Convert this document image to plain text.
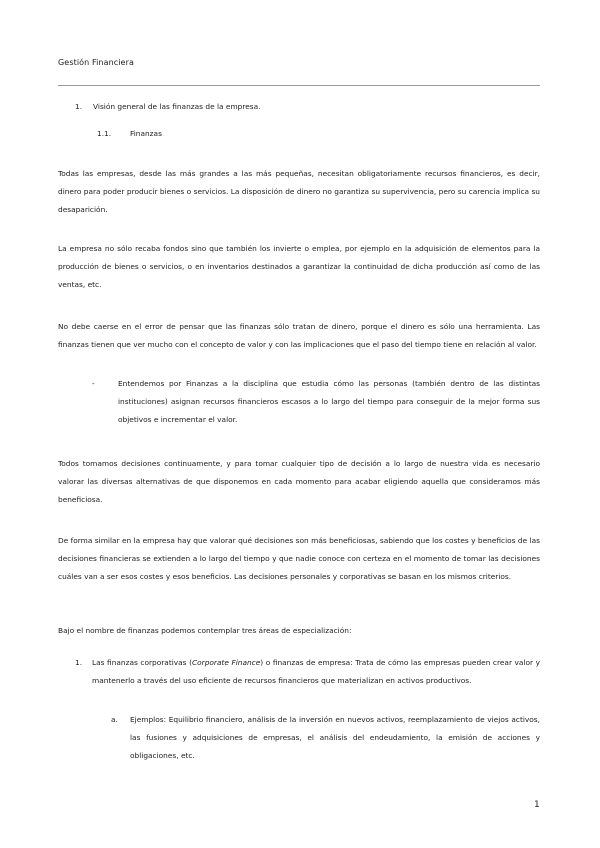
Gestión Financiera
1. Visión general de las finanzas de la empresa.
1.1.	Finanzas

Todas las empresas, desde las más grandes a las más pequeñas, necesitan obligatoriamente recursos financieros, es decir, dinero para poder producir bienes o servicios. La disposición de dinero no garantiza su supervivencia, pero su carencia implica su desaparición.

La empresa no sólo recaba fondos sino que también los invierte o emplea, por ejemplo en la adquisición de elementos para la producción de bienes o servicios, o en inventarios destinados a garantizar la continuidad de dicha producción así como de las ventas, etc.

No debe caerse en el error de pensar que las finanzas sólo tratan de dinero, porque el dinero es sólo una herramienta. Las finanzas tienen que ver mucho con el concepto de valor y con las implicaciones que el paso del tiempo tiene en relación al valor.

-	Entendemos por Finanzas a la disciplina que estudia cómo las personas (también dentro de las distintas instituciones) asignan recursos financieros escasos a lo largo del tiempo para conseguir de la mejor forma sus objetivos e incrementar el valor.

Todos tomamos decisiones continuamente, y para tomar cualquier tipo de decisión a lo largo de nuestra vida es necesario valorar las diversas alternativas de que disponemos en cada momento para acabar eligiendo aquella que consideramos más beneficiosa.

De forma similar en la empresa hay que valorar qué decisiones son más beneficiosas, sabiendo que los costes y beneficios de las decisiones financieras se extienden a lo largo del tiempo y que nadie conoce con certeza en el momento de tomar las decisiones cuáles van a ser esos costes y esos beneficios. Las decisiones personales y corporativas se basan en los mismos criterios.

Bajo el nombre de finanzas podemos contemplar tres áreas de especialización:

1. Las finanzas corporativas (Corporate Finance) o finanzas de empresa: Trata de cómo las empresas pueden crear valor y mantenerlo a través del uso eficiente de recursos financieros que materializan en activos productivos.
a. Ejemplos: Equilibrio financiero, análisis de la inversión en nuevos activos, reemplazamiento de viejos activos, las fusiones y adquisiciones de empresas, el análisis del endeudamiento, la emisión de acciones y obligaciones, etc.
1
